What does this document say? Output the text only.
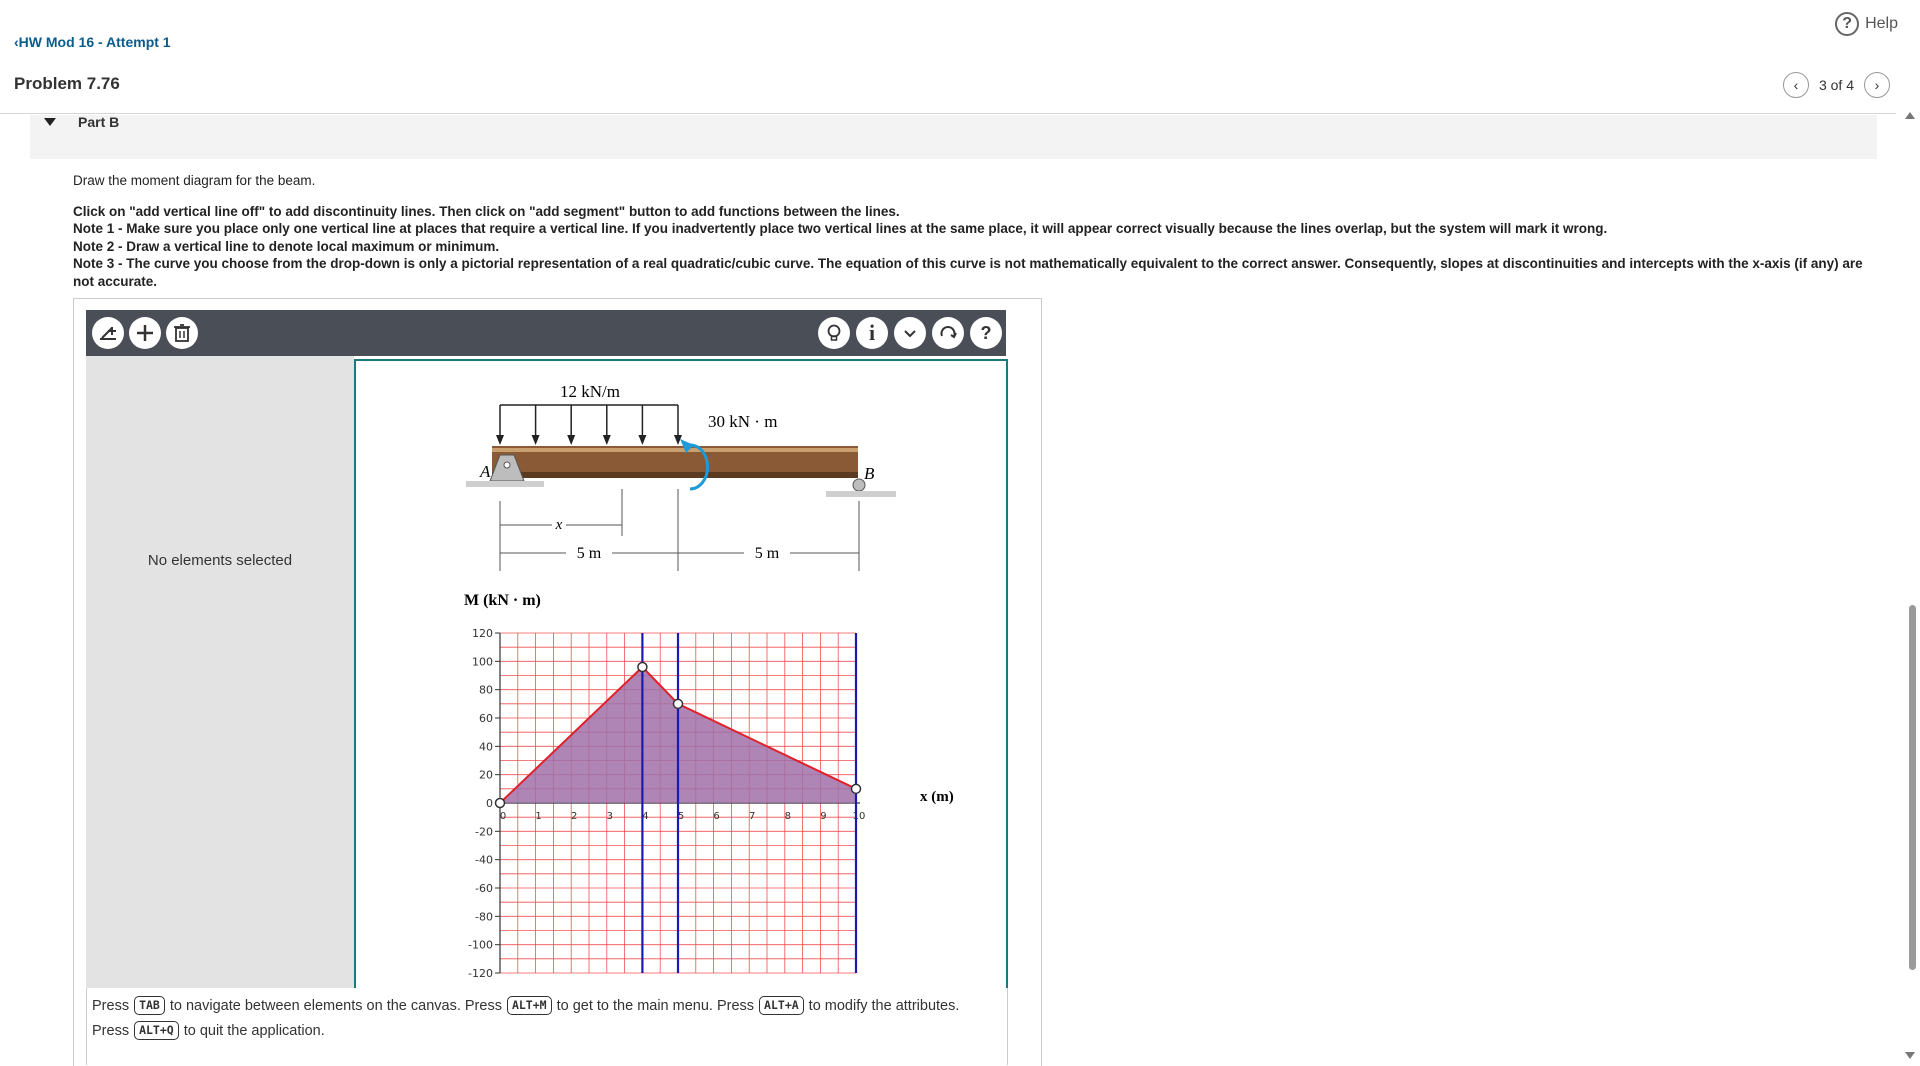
‹HW Mod 16 - Attempt 1
Problem 7.76
? Help
‹	3 of 4	›
Part B

Draw the moment diagram for the beam.

Click on "add vertical line off" to add discontinuity lines. Then click on "add segment" button to add functions between the lines.

Note 1 - Make sure you place only one vertical line at places that require a vertical line. If you inadvertently place two vertical lines at the same place, it will appear correct visually because the lines overlap, but the system will mark it wrong.

Note 2 - Draw a vertical line to denote local maximum or minimum.

Note 3 - The curve you choose from the drop-down is only a pictorial representation of a real quadratic/cubic curve. The equation of this curve is not mathematically equivalent to the correct answer. Consequently, slopes at discontinuities and intercepts with the x-axis (if any) are not accurate.

i	?
No elements selected
12 kN/m
30 kN · m
A	B
x
5 m	5 m
M (kN · m)
x (m)
120
100
80
60
40
20
0
-20
-40
-60
-80
-100
-120
0	1	2	3	4	5	6	7	8	9	10
Press TAB to navigate between elements on the canvas. Press ALT+M to get to the main menu. Press ALT+A to modify the attributes.
Press ALT+Q to quit the application.
